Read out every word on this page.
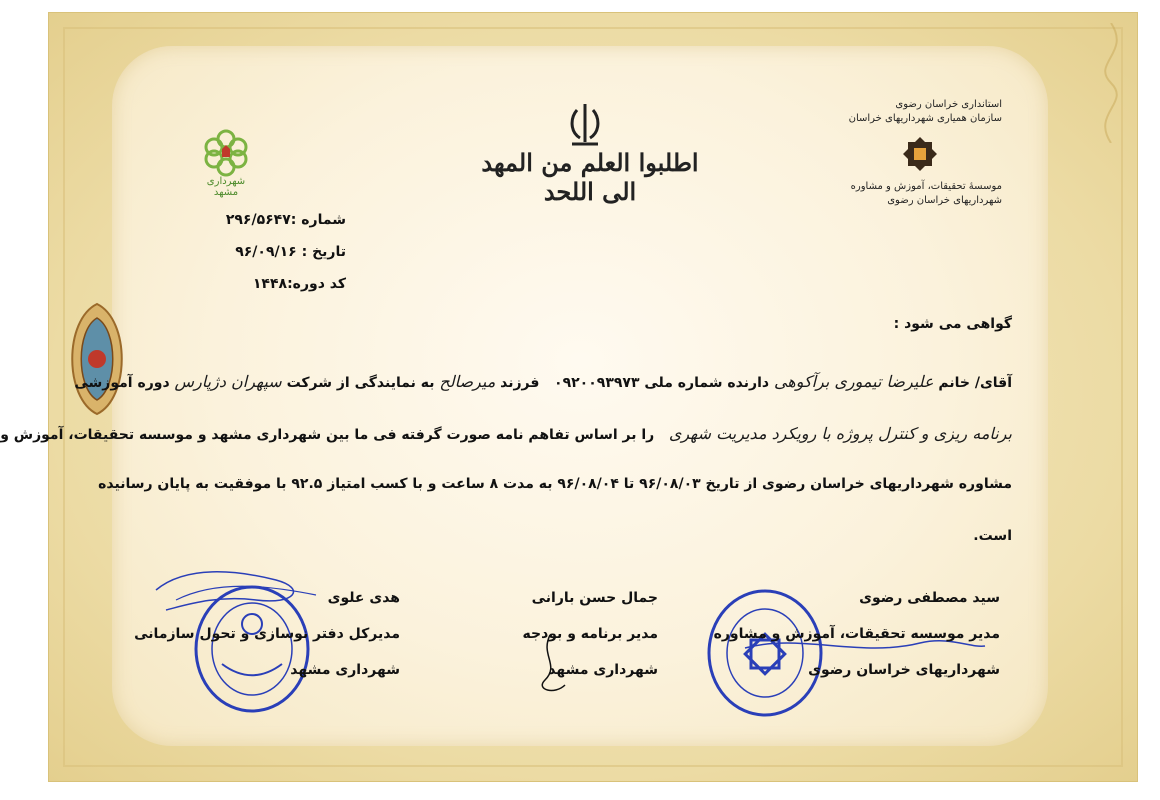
اطلبوا العلم من المهد الی اللحد
استانداری خراسان رضوی
سازمان همیاری شهرداریهای خراسان
موسسهٔ تحقیقات، آموزش و مشاوره
شهرداریهای خراسان رضوی
شهرداری مشهد
شماره :۲۹۶/۵۶۴۷
تاریخ : ۹۶/۰۹/۱۶
کد دوره:۱۴۴۸
گواهی می شود :
آقای/ خانم علیرضا تیموری برآکوهی دارنده شماره ملی ۰۹۲۰۰۹۳۹۷۳   فرزند میرصالح به نمایندگی از شرکت سپهران دژپارس دوره آموزشی
برنامه ریزی و کنترل پروژه با رویکرد مدیریت شهری   را بر اساس تفاهم نامه صورت گرفته فی ما بین شهرداری مشهد و موسسه تحقیقات، آموزش و
مشاوره شهرداریهای خراسان رضوی از تاریخ ۹۶/۰۸/۰۳ تا ۹۶/۰۸/۰۴ به مدت ۸ ساعت و با کسب امتیاز ۹۲.۵ با موفقیت به پایان رسانیده
است.
سید مصطفی رضوی
مدیر موسسه تحقیقات، آموزش و مشاوره
شهرداریهای خراسان رضوی
جمال حسن بارانی
مدیر برنامه و بودجه
شهرداری مشهد
هدی علوی
مدیرکل دفتر نوسازی و تحول سازمانی
شهرداری مشهد
